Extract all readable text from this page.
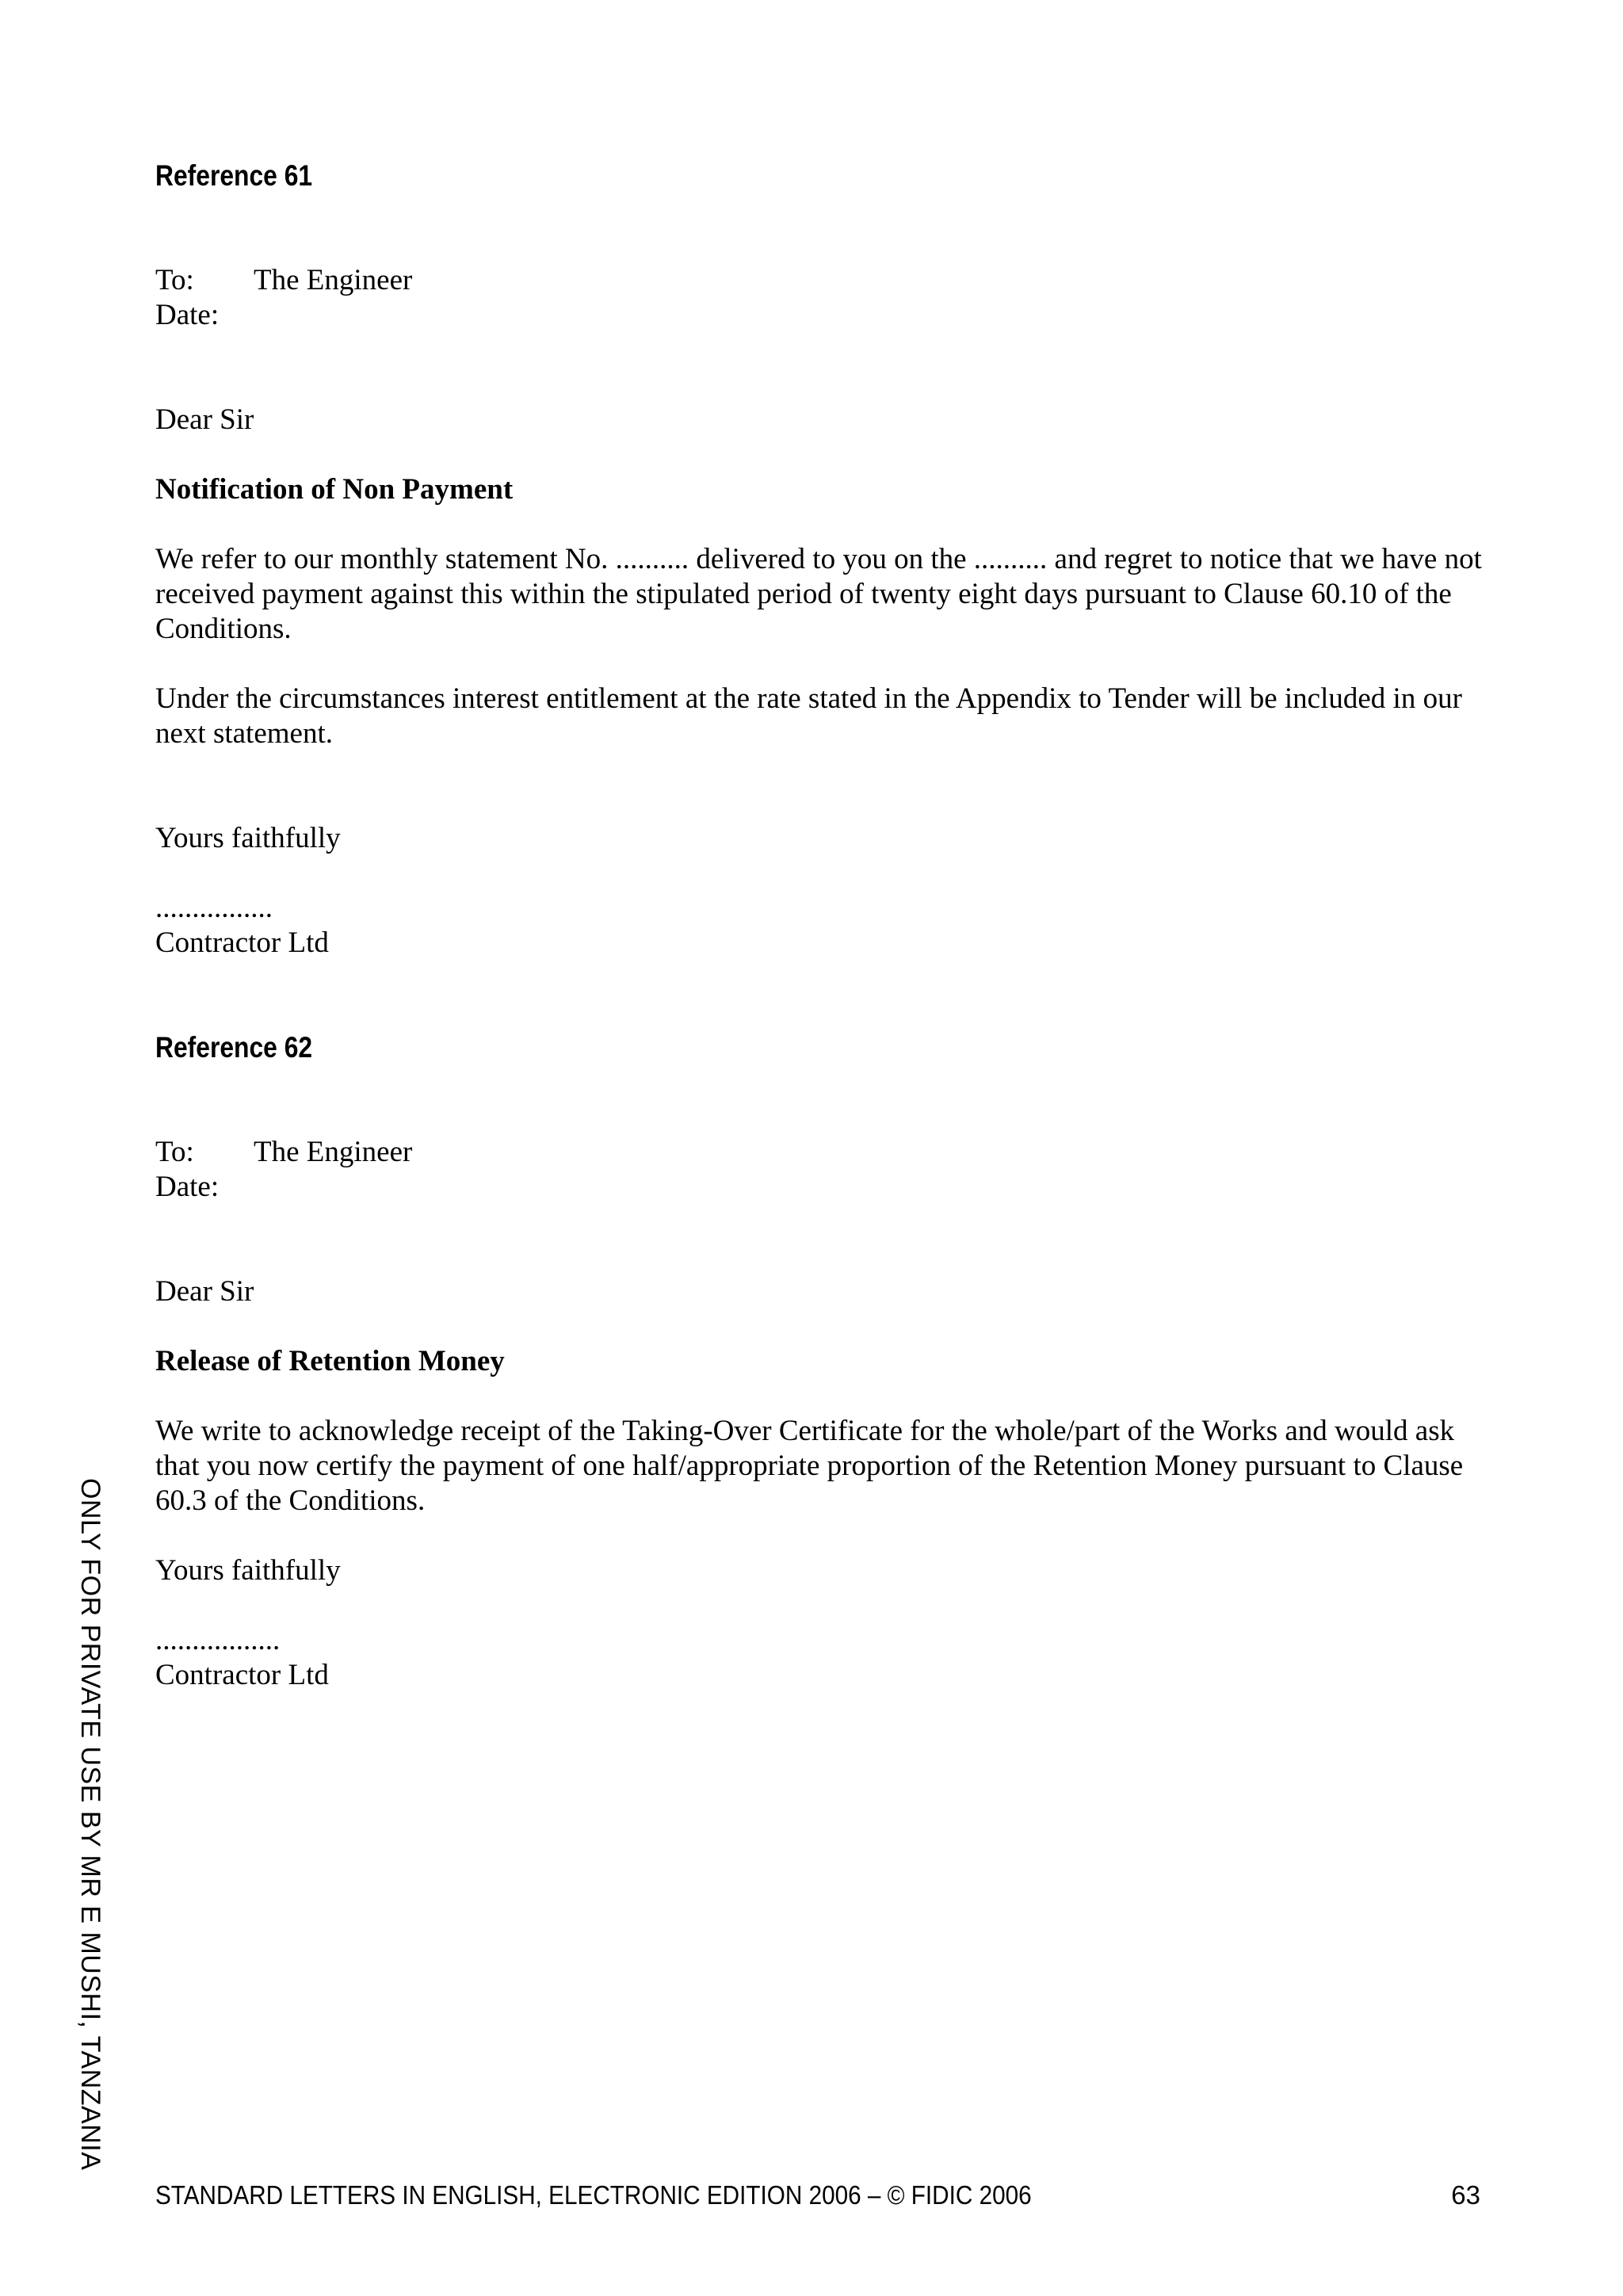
Reference 61
To:	The Engineer
Date:
Dear Sir
Notification of Non Payment

We refer to our monthly statement No. .......... delivered to you on the .......... and regret to notice that we have not received payment against this within the stipulated period of twenty eight days pursuant to Clause 60.10 of the Conditions.

Under the circumstances interest entitlement at the rate stated in the Appendix to Tender will be included in our next statement.

Yours faithfully
................
Contractor Ltd
Reference 62
To:	The Engineer
Date:
Dear Sir
Release of Retention Money

We write to acknowledge receipt of the Taking-Over Certificate for the whole/part of the Works and would ask that you now certify the payment of one half/appropriate proportion of the Retention Money pursuant to Clause 60.3 of the Conditions.

Yours faithfully
.................
Contractor Ltd
ONLY FOR PRIVATE USE BY MR E MUSHI, TANZANIA
STANDARD LETTERS IN ENGLISH, ELECTRONIC EDITION 2006 – © FIDIC 2006	63
